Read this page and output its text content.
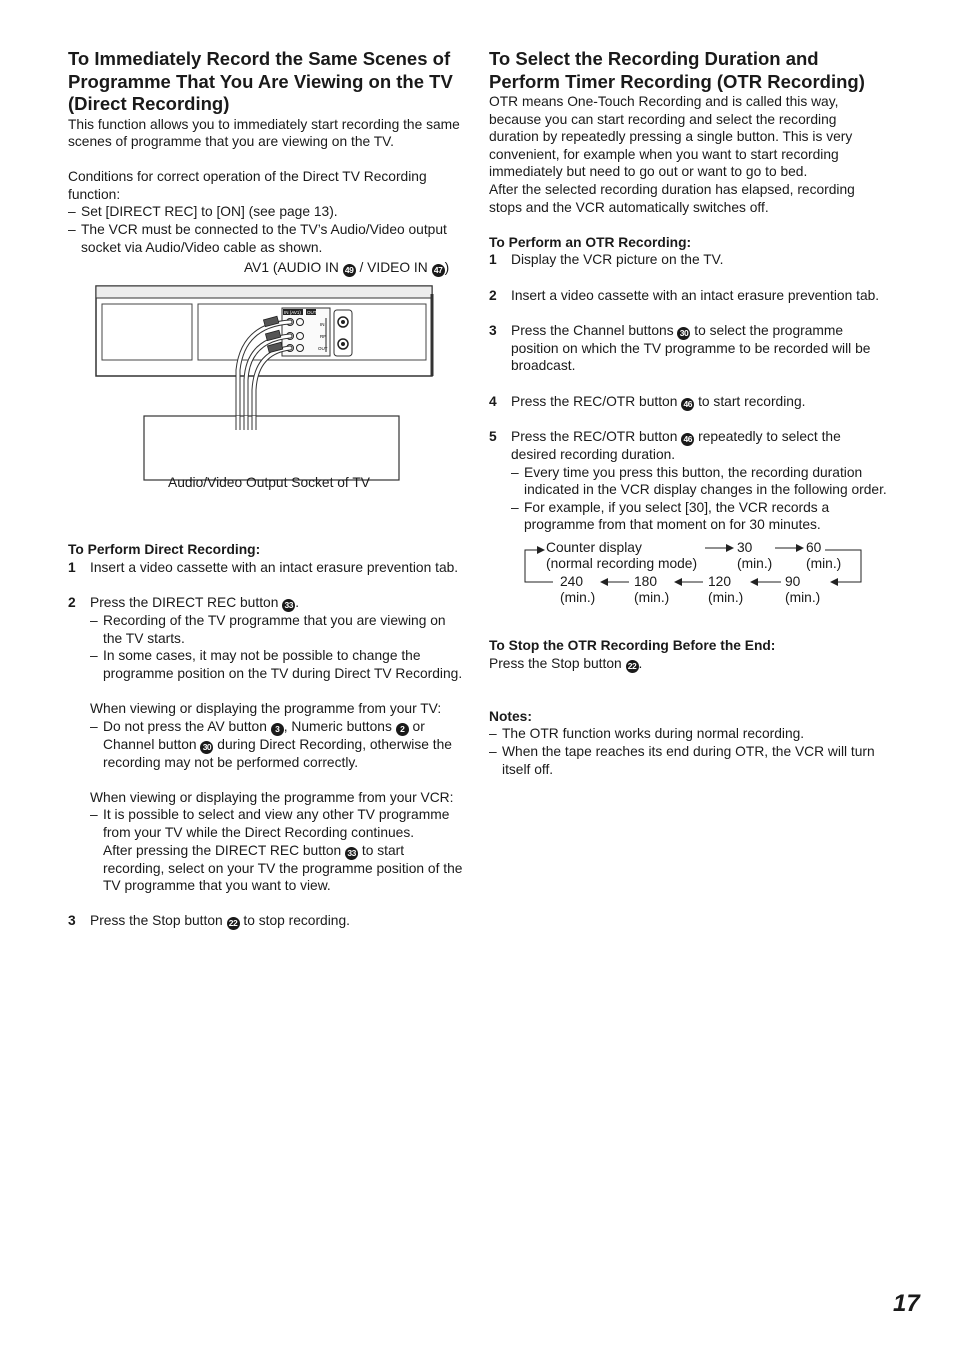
To Immediately Record the Same Scenes of Programme That You Are Viewing on the TV (Direct Recording)

This function allows you to immediately start recording the same scenes of programme that you are viewing on the TV.

Conditions for correct operation of the Direct TV Recording function:

– Set [DIRECT REC] to [ON] (see page 13).
– The VCR must be connected to the TV’s Audio/Video output socket via Audio/Video cable as shown.
AV1 (AUDIO IN 49 / VIDEO IN 47 )
IN (AV1) OUT
IN
RF
OUT
Audio/Video Output Socket of TV

To Perform Direct Recording:

1 Insert a video cassette with an intact erasure prevention tab.
2 Press the DIRECT REC button 33 .
– Recording of the TV programme that you are viewing on the TV starts.
– In some cases, it may not be possible to change the programme position on the TV during Direct TV Recording.

When viewing or displaying the programme from your TV:

– Do not press the AV button 3 , Numeric buttons 2 or Channel button 30 during Direct Recording, otherwise the recording may not be performed correctly.

When viewing or displaying the programme from your VCR:

– It is possible to select and view any other TV programme from your TV while the Direct Recording continues.
After pressing the DIRECT REC button 33 to start recording, select on your TV the programme position of the TV programme that you want to view.
3 Press the Stop button 22 to stop recording.
To Select the Recording Duration and Perform Timer Recording (OTR Recording)

OTR means One-Touch Recording and is called this way, because you can start recording and select the recording duration by repeatedly pressing a single button. This is very convenient, for example when you want to start recording immediately but need to go out or want to go to bed.

After the selected recording duration has elapsed, recording stops and the VCR automatically switches off.

To Perform an OTR Recording:

1 Display the VCR picture on the TV.
2 Insert a video cassette with an intact erasure prevention tab.
3 Press the Channel buttons 30 to select the programme position on which the TV programme to be recorded will be broadcast.
4 Press the REC/OTR button 46 to start recording.
5 Press the REC/OTR button 46 repeatedly to select the desired recording duration.
– Every time you press this button, the recording duration indicated in the VCR display changes in the following order.
– For example, if you select [30], the VCR records a programme from that moment on for 30 minutes.
Counter display
(normal recording mode)
30
(min.)
60
(min.)
90
(min.)
120
(min.)
180
(min.)
240
(min.)

To Stop the OTR Recording Before the End:

Press the Stop button 22 .

Notes:

– The OTR function works during normal recording.
– When the tape reaches its end during OTR, the VCR will turn itself off.
17
